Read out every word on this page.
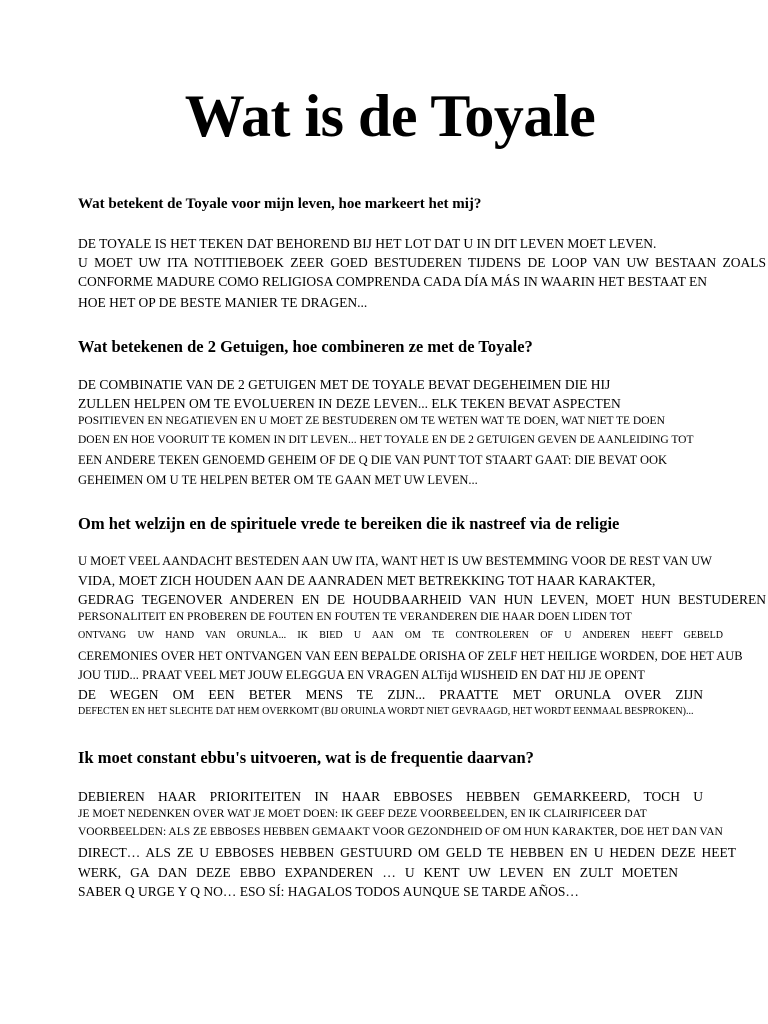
Wat is de Toyale
Wat betekent de Toyale voor mijn leven, hoe markeert het mij?

DE TOYALE IS HET TEKEN DAT BEHOREND BIJ HET LOT DAT U IN DIT LEVEN MOET LEVEN.

U MOET UW ITA NOTITIEBOEK ZEER GOED BESTUDEREN TIJDENS DE LOOP VAN UW BESTAAN ZOALS

CONFORME MADURE COMO RELIGIOSA COMPRENDA CADA DÍA MÁS IN WAARIN HET BESTAAT EN

HOE HET OP DE BESTE MANIER TE DRAGEN...

Wat betekenen de 2 Getuigen, hoe combineren ze met de Toyale?

DE COMBINATIE VAN DE 2 GETUIGEN MET DE TOYALE BEVAT DEGEHEIMEN DIE HIJ

ZULLEN HELPEN OM TE EVOLUEREN IN DEZE LEVEN... ELK TEKEN BEVAT ASPECTEN

POSITIEVEN EN NEGATIEVEN EN U MOET ZE BESTUDEREN OM TE WETEN WAT TE DOEN, WAT NIET TE DOEN

DOEN EN HOE VOORUIT TE KOMEN IN DIT LEVEN... HET TOYALE EN DE 2 GETUIGEN GEVEN DE AANLEIDING TOT

EEN ANDERE TEKEN GENOEMD GEHEIM OF DE Q DIE VAN PUNT TOT STAART GAAT: DIE BEVAT OOK

GEHEIMEN OM U TE HELPEN BETER OM TE GAAN MET UW LEVEN...

Om het welzijn en de spirituele vrede te bereiken die ik nastreef via de religie

U MOET VEEL AANDACHT BESTEDEN AAN UW ITA, WANT HET IS UW BESTEMMING VOOR DE REST VAN UW

VIDA, MOET ZICH HOUDEN AAN DE AANRADEN MET BETREKKING TOT HAAR KARAKTER,

GEDRAG TEGENOVER ANDEREN EN DE HOUDBAARHEID VAN HUN LEVEN, MOET HUN BESTUDEREN

PERSONALITEIT EN PROBEREN DE FOUTEN EN FOUTEN TE VERANDEREN DIE HAAR DOEN LIDEN TOT

ONTVANG UW HAND VAN ORUNLA... IK BIED U AAN OM TE CONTROLEREN OF U ANDEREN HEEFT GEBELD

CEREMONIES OVER HET ONTVANGEN VAN EEN BEPALDE ORISHA OF ZELF HET HEILIGE WORDEN, DOE HET AUB

JOU TIJD... PRAAT VEEL MET JOUW ELEGGUA EN VRAGEN ALTijd WIJSHEID EN DAT HIJ JE OPENT

DE WEGEN OM EEN BETER MENS TE ZIJN... PRAATTE MET ORUNLA OVER ZIJN

DEFECTEN EN HET SLECHTE DAT HEM OVERKOMT (BIJ ORUINLA WORDT NIET GEVRAAGD, HET WORDT EENMAAL BESPROKEN)...

Ik moet constant ebbu's uitvoeren, wat is de frequentie daarvan?

DEBIEREN HAAR PRIORITEITEN IN HAAR EBBOSES HEBBEN GEMARKEERD, TOCH U

JE MOET NEDENKEN OVER WAT JE MOET DOEN: IK GEEF DEZE VOORBEELDEN, EN IK CLAIRIFICEER DAT

VOORBEELDEN: ALS ZE EBBOSES HEBBEN GEMAAKT VOOR GEZONDHEID OF OM HUN KARAKTER, DOE HET DAN VAN

DIRECT… ALS ZE U EBBOSES HEBBEN GESTUURD OM GELD TE HEBBEN EN U HEDEN DEZE HEET

WERK, GA DAN DEZE EBBO EXPANDEREN … U KENT UW LEVEN EN ZULT MOETEN

SABER Q URGE Y Q NO… ESO SÍ: HAGALOS TODOS AUNQUE SE TARDE AÑOS…
